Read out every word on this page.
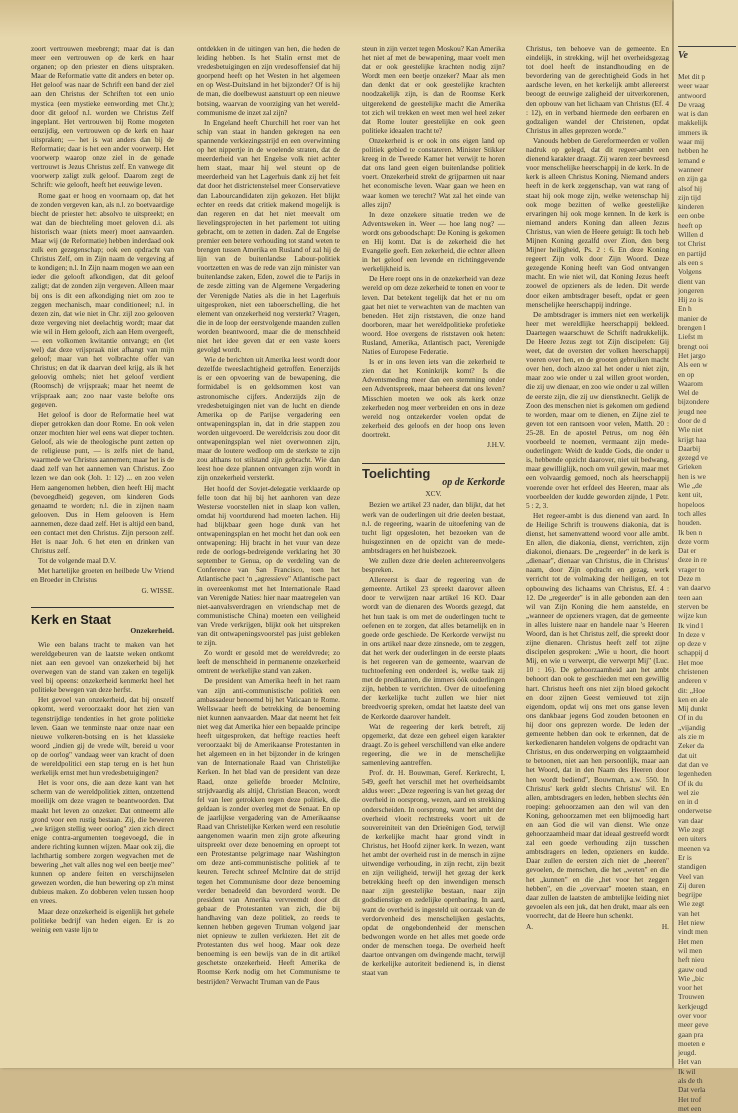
zoort vertrouwen meebrengt; maar dat is dan meer een vertrouwen op de kerk en haar organen; op den priester en diens uitspraken. Maar de Reformatie vatte dit anders en beter op. Het geloof was naar de Schrift een band der ziel aan den Christus der Schriften tot een unio mystica (een mystieke eenwording met Chr.); door dit geloof n.l. worden we Christus Zelf ingeplant. Het vertrouwen bij Rome mogeten eenzijdig, een vertrouwen op de kerk en haar uitspraken; — het is wat anders dan bij de Reformatie; daar is het een ander voorwerp. Het voorwerp waarop onze ziel in de genade vertrouwt is Jezus Christus zelf. En vanwege dit voorwerp zaligt zulk geloof. Daarom zegt de Schrift: wie gelooft, heeft het eeuwige leven.

Rome gaat er hoog en voornaam op, dat het de zonden vergeven kan, als n.l. zo boetvaardige biecht de priester het: absolvo te uitspreekt; en wat dan de biechteling moet geloven d.i. als historisch waar (niets meer) moet aanvaarden. Maar wij (de Reformatie) hebben inderdaad ook zulk een gezegenschap; ook een opdracht van Christus Zelf, om in Zijn naam de vergeving af te kondigen; n.l. In Zijn naam mogen we aan een ieder die gelooft afkondigen, dat dit geloof zaligt; dat de zonden zijn vergeven. Alleen maar bij ons is dit een afkondiging niet om zoo te zeggen mechanisch, maar conditioneel; n.l. in dezen zin, dat wie niet in Chr. zijl zoo gelooven deze vergeving niet deelachtig wordt; maar dat wie wil in Hem gelooft, zich aan Hem overgeeft, — een volkomen kwitantie ontvangt; en (let wel) dat deze vrijspraak niet afhangt van mijn geloof; maar van het volbrachte offer van Christus; en dat ik daarvan deel krijg, als ik het geloovig omhels; niet het geloof verdient (Roomsch) de vrijspraak; maar het neemt de vrijspraak aan; zoo naar vaste belofte ons gegeven.

Het geloof is door de Reformatie heel wat dieper getrokken dan door Rome. En ook velen onzer mochten hier wel eens wat dieper tochten. Geloof, als wie de theologische punt zetten op de religieuse punt, — is zelfs niet de hand, waarmede we Christus aannemen; maar het is de daad zelf van het aannemen van Christus. Zoo lezen we dan ook (Joh. 1: 12) ... en zoo velen Hem aangenomen hebben, dien heeft Hij macht (bevoegdheid) gegeven, om kinderen Gods genaamd te worden; n.l. die in zijnen naam gelooven. Dus in Hem gelooven is Hem aannemen, deze daad zelf. Het is altijd een band, een contact met den Christus. Zijn persoon zelf. Het is naar Joh. 6 het eten en drinken van Christus zelf.

Tot de volgende maal D.V.

Met hartelijke groeten en heilbede Uw Vriend en Broeder in Christus

G. WISSE.
Kerk en Staat
Onzekerheid.

Wie een balans tracht te maken van het wereldgebeuren van de laatste weken ontkomt niet aan een gevoel van onzekerheid bij het overwegen van de stand van zaken en tegelijk veel bij opeens: onzekerheid kenmerkt heel het politieke bewegen van deze herfst.

Het gevoel van onzekerheid, dat bij onszelf opkomt, werd veroorzaakt door het zien van tegenstrijdige tendenties in het grote politieke leven. Gaan we tenminste naar onze naar een nieuwe volkeren-botsing en is het klassieke woord „indien gij de vrede wilt, bereid u voor op de oorlog" vandaag weer van kracht of doen de wereldpolitici een stap terug en is het hun werkelijk ernst met hun vredesbetuigingen?

Het is voor ons, die aan deze kant van het scherm van de wereldpolitiek zitten, ontzettend moeilijk om deze vragen te beantwoorden. Dat maakt het leven zo onzeker. Dat ontneemt alle grond voor een rustig bestaan. Zij, die beweren „we krijgen stellig weer oorlog" zien zich direct enige contra-argumenten toegevoegd, die in andere richting kunnen wijzen. Maar ook zij, die lachthartig sombere zorgen wegvachen met de bewering „het valt alles nog wel een beetje mee" kunnen op andere feiten en verschijnselen gewezen worden, die hun bewering op z'n minst dubieus maken. Zo dobberen velen tussen hoop en vrees.

Maar deze onzekerheid is eigenlijk het gehele politieke bedrijf van heden eigen. Er is zo weinig een vaste lijn te

ontdekken in de uitingen van hen, die heden de leiding hebben. Is het Stalin ernst met de vredesbetuigingen en zijn vredesoffensief dat hij goorpend heeft op het Westen in het algemeen en op West-Duitsland in het bijzonder? Of is hij de man, die doelbewust aanstuurt op een nieuwe botsing, waarvan de voorziging van het wereld-communisme de inzet zal zijn?

In Engeland heeft Churchill het roer van het schip van staat in handen gekregen na een spannende verkiezingsstrijd en een overwinning op het nippertje in de woelende straten, dat de meerderheid van het Engelse volk niet achter hem staat, maar hij wel steunt op de meerderheid van het Lagerhuis dank zij het feit dat door het districtenstelsel meer Conservatieve dan Labourcandidaten zijn gekozen. Het blijkt echter en reeds dat critiek makend mogelijk is dan regeren en dat het niet meevalt om lievelingsprojecten in het parlement tot uiting gebracht, om te zetten in daden. Zal de Engelse premier een betere verhouding tot stand weten te brengen tussen Amerika en Rusland of zal hij de lijn van de buitenlandse Labour-politiek voortzetten en was de rede van zijn minister van buitenlandse zaken, Eden, zowel die te Parijs in de zesde zitting van de Algemene Vergadering der Verenigde Naties als die in het Lagerhuis uitgesproken, niet een taboerschelling, die het element van onzekerheid nog versterkt? Vragen, die in de loop der eerstvolgende maanden zullen worden beantwoord, maar die de menschheid niet het idee geven dat er een vaste koers gevolgd wordt.

Wie de berichten uit Amerika leest wordt door dezelfde tweeslachtigheid getroffen. Eenerzijds is er een opvoering van de bewapening, die formidabel is en geldsommen kost van astronomische cijfers. Anderzijds zijn de vredesbetuigingen niet van de lucht en diende Amerika op de Parijse vergadering een ontwapeningsplan in, dat in drie stappen zou worden uitgevoerd. De wereldcrisis zou door dit ontwapeningsplan wel niet overwonnen zijn, maar de loutere wedloop om de sterkste te zijn zou althans tot stilstand zijn gebracht. Wie dan leest hoe deze plannen ontvangen zijn wordt in zijn onzekerheid versterkt.

Het hoofd der Sovjet-delegatie verklaarde op felle toon dat hij bij het aanhoren van deze Westerse voorstellen niet in slaap kon vallen, omdat hij voortdurend had moeten lachen. Hij had blijkbaar geen hoge dunk van het ontwapeningsplan en het mocht het dan ook een ontwapening: Hij bracht in het vuur van deze rede de oorlogs-bedreigende verklaring het 30 september te Genua, op de verdeling van de Conference van San Francisco, toen het Atlantische pact ‘n „agressieve" Atlantische pact in overeenkomst met het Internationale Raad van Verenigde Naties: hier naar maatregelen van niet-aanvalsverdragen en vriendschap met de communistische China) moeten een veiligheid van Vrede verkrijgen, blijkt ook het uitspreken van dit ontwapeningsvoorstel pas juist gebleken te zijn.

Zo wordt er gesold met de wereldvrede; zo leeft de menschheid in permanente onzekerheid omtrent de werkelijke stand van zaken.

De president van Amerika heeft in het raam van zijn anti-communistische politiek een ambassadeur benoemd bij het Vaticaan te Rome. Wellswaar heeft de betrekking de benoeming niet kunnen aanvaarden. Maar dat neemt het feit niet weg dat Amerika hier een bepaalde principe heeft uitgesproken, dat heftige reacties heeft veroorzaakt bij de Amerikaanse Protestanten in het algemeen en in het bijzonder in de kringen van de Internationale Raad van Christelijke Kerken. In het blad van de president van deze Raad, onze geliefde broeder McIntire, strijdvaardig als altijd, Christian Beacon, wordt fel van leer getrokken tegen deze politiek, die geldaan is zonder overleg met de Senaat. En op de jaarlijkse vergadering van de Amerikaanse Raad van Christelijke Kerken werd een resolutie aangenomen waarin men zijn grote afkeuring uitspreekt over deze benoeming en oproept tot een Protestantse pelgrimage naar Washington om deze anti-communistische politiek af te keuren. Terecht schreef McIntire dat de strijd tegen het Communisme door deze benoeming verder benadeeld dan bevorderd wordt. De president van Amerika vervreemdt door dit gebaar de Protestanten van zich, die bij handhaving van deze politiek, zo reeds te kennen hebben gegeven Truman volgend jaar niet opnieuw te zullen verkiezen. Het zit de Protestanten dus wel hoog. Maar ook deze benoeming is een bewijs van de in dit artikel geschetste onzekerheid. Heeft Amerika de Roomse Kerk nodig om het Communisme te bestrijden? Verwacht Truman van de Paus

steun in zijn verzet tegen Moskou? Kan Amerika het niet af met de bewapening, maar voelt men dat er ook geestelijke krachten nodig zijn? Wordt men een beetje onzeker? Maar als men dan denkt dat er ook geestelijke krachten noodzakelijk zijn, is dan de Roomse Kerk uitgerekend de geestelijke macht die Amerika tot zich wil trekken en weet men wel heel zeker dat Rome louter geestelijke en ook geen politieke ideaalen tracht te?

Onzekerheid is er ook in ons eigen land op politiek gebied te constateren. Minister Stikker kreeg in de Tweede Kamer het verwijt te horen dat ons land geen eigen buitenlandse politiek voert. Onzekerheid strekt de grijparmen uit naar het economische leven. Waar gaan we heen en waar komen we terecht? Wat zal het einde van alles zijn?

In deze onzekere situatie treden we de Adventsweken in. Weer — hoe lang nog? — wordt ons geboodschapt: De Koning is gekomen en Hij komt. Dat is de zekerheid die het Evangelie geeft. Een zekerheid, die echter alleen in het geloof een levende en richtinggevende werkelijkheid is.

De Here roept ons in de onzekerheid van deze wereld op om deze zekerheid te tonen en voor te leven. Dat betekent tegelijk dat het er nu om gaat het niet te verwachten van de machten van beneden. Het zijn riststaven, die onze hand doorboren, maar het wereldpolitieke profetieke woord. Hoe overgens de riststaven ook heten: Rusland, Amerika, Atlantisch pact, Verenigde Naties of Europese Federatie.

Is er in ons leven iets van die zekerheid te zien dat het Koninkrijk komt? Is die Adventsmeding meer dan een stemming onder een Adventspreek, maar beheerst dat ons leven? Misschien moeten we ook als kerk onze zekerheden nog meer verbreiden en ons in deze wereld nog ontzekerder voelen opdat de zekerheid des geloofs en der hoop ons leven doortrekt.

J.H.V.
Toelichting
op de Kerkorde
XCV.

Bezien we artikel 23 nader, dan blijkt, dat het werk van de ouderlingen uit drie deelen bestaat, n.l. de regeering, waarin de uitoefening van de tucht ligt opgesloten, het bezoeken van de huisgezinnen en de opzicht van de mede-ambtsdragers en het huisbezoek.

We zullen deze drie deelen achtereenvolgens bespreken.

Allereerst is daar de regeering van de gemeente. Artikel 23 spreekt daarover alleen door te verwijzen naar artikel 16 KO. Daar wordt van de dienaren des Woords gezegd, dat het hun taak is om met de ouderlingen tucht te oefenen en te zorgen, dat alles betamelijk en in goede orde geschiede. De Kerkorde verwijst nu in ons artikel naar deze zinsnede, om te zeggen, dat het werk der ouderlingen in de eerste plaats is het regeeren van de gemeente, waarvan de tuchtoefening een onderdeel is, welke taak zij met de predikanten, die immers óók ouderlingen zijn, hebben te verrichten. Over de uitoefening der kerkelijke tucht zullen we hier niet breedvoerig spreken, omdat het laatste deel van de Kerkorde daarover handelt.

Wat de regeering der kerk betreft, zij opgemerkt, dat deze een geheel eigen karakter draagt. Zo is geheel verschillend van elke andere regeering, die we in de menschelijke samenleving aantreffen.

Prof. dr. H. Bouwman, Geref. Kerkrecht, I, 549, geeft het verschil met het overheidsambt aldus weer: „Deze regeering is van het gezag der overheid in oorsprong, wezen, aard en strekking onderscheiden. In oorsprong, want het ambt der overheid vloeit rechtstreeks voort uit de souvereiniteit van den Drieënigen God, terwijl de kerkelijke macht haar grond vindt in Christus, het Hoofd zijner kerk. In wezen, want het ambt der overheid rust in de mensch in zijne uitwendige verhouding, in zijn recht, zijn bezit en zijn veiligheid, terwijl het gezag der kerk betrekking heeft op den inwendigen mensch naar zijn geestelijke bestaan, naar zijn godsdienstige en zedelijke openbaring. In aard, want de overheid is ingesteld uit oorzaak van de verdorvenheid des menschelijken geslachts, opdat de ongebondenheid der menschen bedwongen worde en het alles met goede orde onder de menschen toega. De overheid heeft daartoe ontvangen om dwingende macht, terwijl de kerkelijke autoriteit bedienend is, in dienst staat van

Christus, ten behoeve van de gemeente. En eindelijk, in strekking, wijl het overheidsgezag tot doel heeft de instandhouding en de bevordering van de gerechtigheid Gods in het aardsche leven, en het kerkelijk ambt allereerst beoogt de eeuwige zaligheid der uitverkorenen, den opbouw van het lichaam van Christus (Ef. 4 : 12), en in verband hiermede den eerbaren en godzaligen wandel der Christenen, opdat Christus in alles geprezen worde."

Vanouds hebben de Gereformeerden er vollen nadruk op gelegd, dat dit regeer-ambt een dienend karakter draagt. Zij waren zeer bevreesd voor menschelijke heerschappij in de kerk. In de kerk is alleen Christus Koning. Niemand anders heeft in de kerk zeggenschap, van wat rang of staat hij ook moge zijn, welke wetenschap hij ook moge bezitten of welke geestelijke ervaringen hij ook moge kennen. In de kerk is niemand anders Koning dan alleen Jezus Christus, van wien de Heere getuigt: Ik toch heb Mijnen Koning gezalfd over Zion, den berg Mijner heiligheid, Ps. 2 : 6. En deze Koning regeert Zijn volk door Zijn Woord. Deze gezegende Koning heeft van God ontvangen macht. En wie niet wil, dat Koning Jezus heeft zoowel de opzieners als de leden. Dit werde door eiken ambtsdrager beseft, opdat er geen menschelijke heerschappij indringe.

De ambtsdrager is immers niet een werkelijk heer met wereldlijke heerschappij bekleed. Daartegen waarschuwt de Schrift nadrukkelijk. De Heere Jezus zegt tot Zijn discipelen: Gij weet, dat de oversten der volken heerschappij voeren over hen, en de grooten gebruiken macht over hen, doch alzoo zal het onder u niet zijn, maar zoo wie onder u zal willen groot worden, die zij uw dienaar, en zoo wie onder u zal willen de eerste zijn, die zij uw dienstknecht. Gelijk de Zoon des menschen niet is gekomen om gediend te worden, maar om te dienen, en Zijne ziel te geven tot een rantsoen voor velen, Matth. 20 : 25-28. En de apostel Petrus, om nog één voorbeeld te noemen, vermaant zijn mede-ouderlingen: Weidt de kudde Gods, die onder u is, hebbende opzicht daarover, niet uit bedwang, maar gewilliglijk, noch om vuil gewin, maar met een volvaardig gemoed, noch als heerschappij voerende over het erfdeel des Heeren, maar als voorbeelden der kudde geworden zijnde, 1 Petr. 5 : 2, 3.

Het regeer-ambt is dus dienend van aard. In de Heilige Schrift is trouwens diakonia, dat is dienst, het samenvattend woord voor alle ambt. En allen, die diakonia, dienst, verrichten, zijn diakonoi, dienaars. De „regeerder" in de kerk is „dienaar", dienaar van Christus, die in Christus' naam, door Zijn opdracht en gezag, werk verricht tot de volmaking der heiligen, en tot opbouwing des lichaams van Christus, Ef. 4 : 12. De „regeerder" is in alle gebonden aan den wil van Zijn Koning die hem aanstelde, en „wanneer de opzieners vragen, dat de gemeente in alles luistere naar en handele naar 's Heeren Woord, dan is het Christus zelf, die spreekt door zijne dienaren. Christus heeft zelf tot zijne discipelen gesproken: „Wie u hoort, die hoort Mij, en wie u verwerpt, die verwerpt Mij" (Luc. 10 : 16). De gehoorzaamheid aan het ambt behoort dan ook te geschieden met een gewillig hart. Christus heeft ons niet zijn bloed gekocht en door zijnen Geest vernieuwd tot zijn eigendom, opdat wij ons met ons ganse leven ons dankbaar jegens God zouden betoonen en hij door ons geprezen worde. De leden der gemeente hebben dan ook te erkennen, dat de kerkedienaren handelen volgens de opdracht van Christus, en dus onderwerping en volgzaamheid te betoonen, niet aan hen persoonlijk, maar aan het Woord, dat in den Naam des Heeren door hen wordt bediend", Bouwman, a.w. 550. In Christus' kerk geldt slechts Christus' wil. En allen, ambtsdragers en leden, hebben slechts één roeping: gehoorzamen aan den wil van den Koning, gehoorzamen met een blijmoedig hart en aan God die wil van dienst. Wie onze gehoorzaamheid maar dat ideaal gestreefd wordt zal een goede verhouding zijn tusschen ambtsdragers en leden, opzieners en kudde. Daar zullen de eersten zich niet de „heeren" gevoelen, de menschen, die het „weten" en die het „kunnen" en die „het voor het zeggen hebben", en die „overvaar" moeten staan, en daar zullen de laatsten de ambtelijke leiding niet gevoelen als een juk, dat hen drukt, maar als een voorrecht, dat de Heere hun schenkt.

A.	H.
Ve
Met dit p
weer waar
antwoord
De vraag
wat is dan
makkelijk
immers ik
waar mij
hebben he
lemand e
wanneer
en zijn ga
alsof hij
zijn tijd
kinderen
een onbe
heeft op
Willen d
tot Christ
en partijd
als een s
Volgens
dient van
jongeren
Hij zo is
En h
manier de
brengen l
Liefst m
brengt ooi
Het jargo
Als een w
en op
Waarom
Wel de
bijzondere
jeugd nee
door de d
Wie niet
krijgt haa
Daarbij
gezegd ve
Grieken
hen is we
Wie „de
kent uit,
hopeloos
toch alles
houden.
Ik ben n
deze vorm
Dat er
deze in re
vrager to
Deze m
van daarvo
teen aan
sterven be
wijze kun
Ik vind l
In deze v
op deze v
schappij d
Het moe
christenen
anderen v
dit: „Hoe
ken en ale
Mij dunkt
Of in du
„vijandig
als zie m
Zeker da
dat uit
dat dan ve
legenheden
Of ik du
wel zie
en in d
onderwetse
van daar
Wie zegt
een uiters
meenen va
Er is
standigen
Veel van
Zij duren
begrijpe
Wie zegt
van het
Het niew
vindt men
Het men
wil men
heft nieu
gauw oud
Wie „bic
voor het
Trouwen
kerkjeugd
over voor
meer geve
gaan pra
moeten e
jeugd.
Het van
Ik wil
als de th
Dat verla
Het trof
met een
